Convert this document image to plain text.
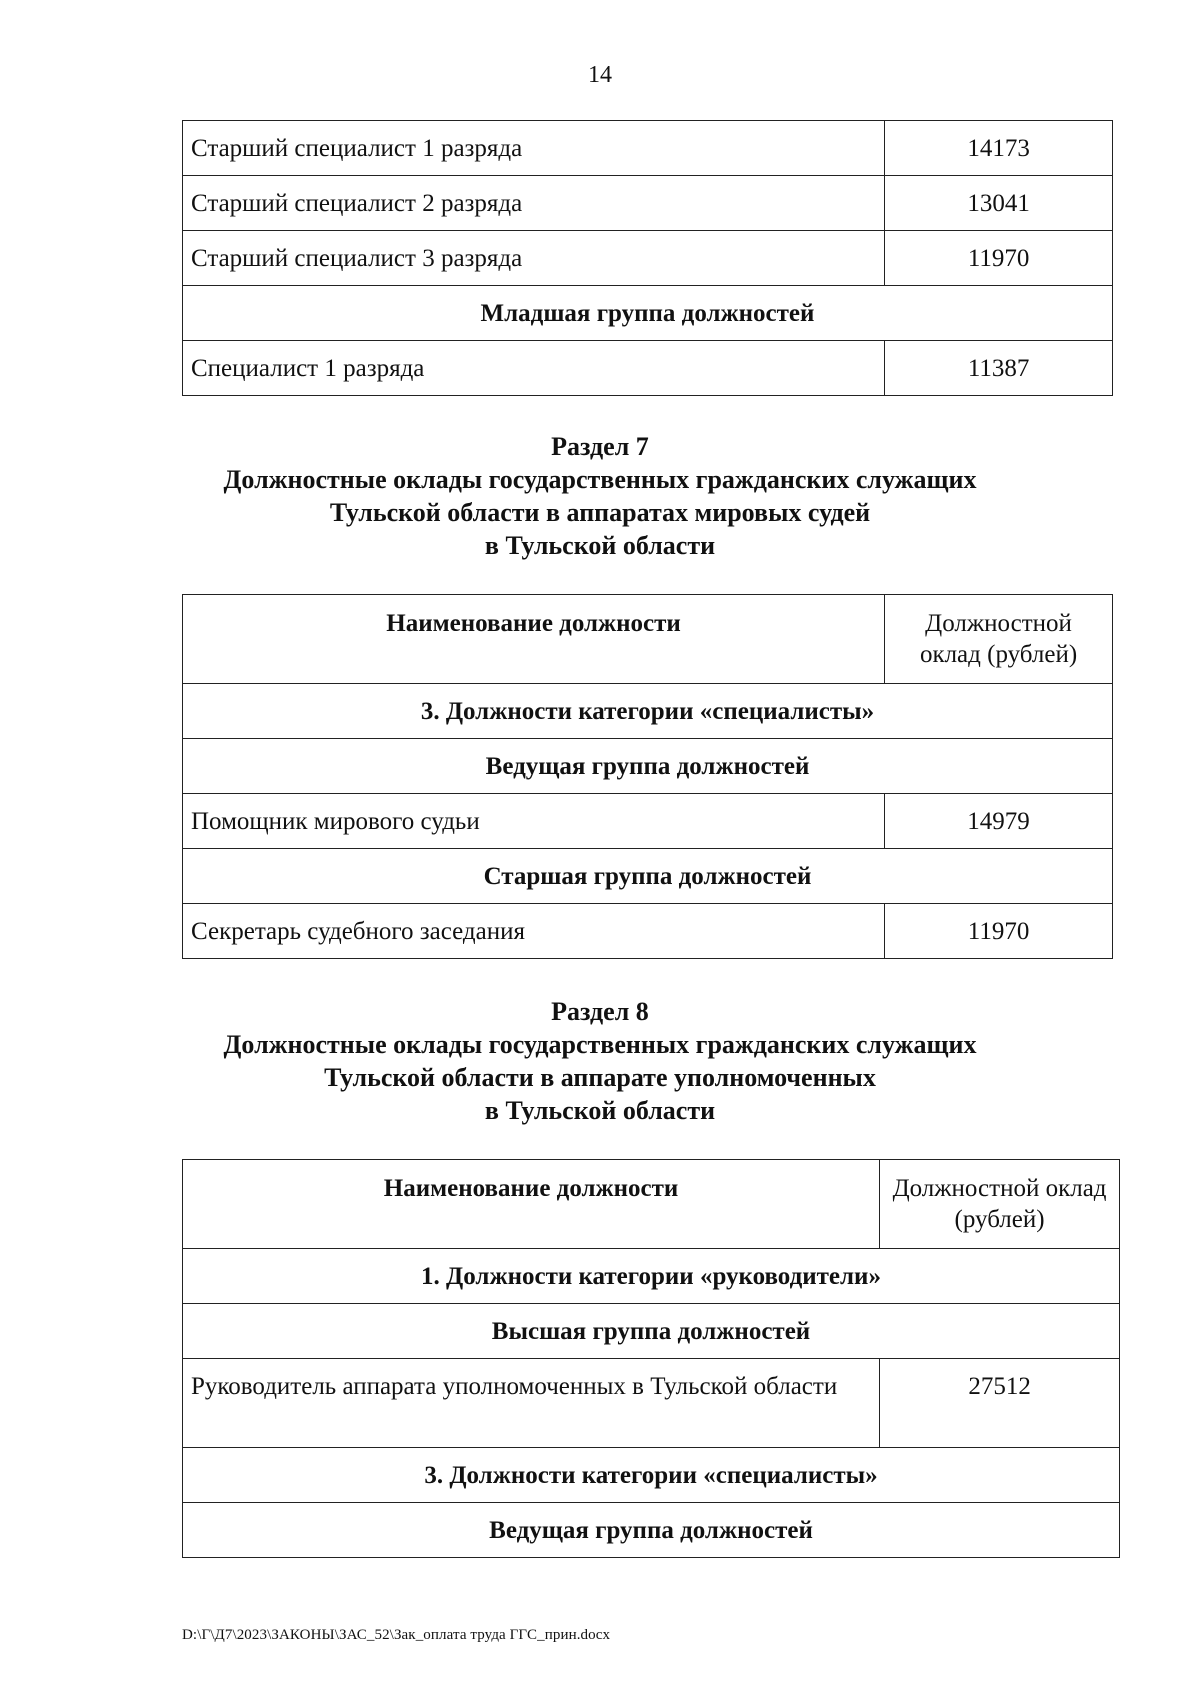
14
Старший специалист 1 разряда	14173
Старший специалист 2 разряда	13041
Старший специалист 3 разряда	11970
Младшая группа должностей	
Специалист 1 разряда	11387
Раздел 7
Должностные оклады государственных гражданских служащих
Тульской области в аппаратах мировых судей
в Тульской области
Наименование должности	Должностной оклад (рублей)
3. Должности категории «специалисты»	
Ведущая группа должностей	
Помощник мирового судьи	14979
Старшая группа должностей	
Секретарь судебного заседания	11970
Раздел 8
Должностные оклады государственных гражданских служащих
Тульской области в аппарате уполномоченных
в Тульской области
Наименование должности	Должностной оклад (рублей)
1. Должности категории «руководители»	
Высшая группа должностей	
Руководитель аппарата уполномоченных в Тульской области	27512
3. Должности категории «специалисты»	
Ведущая группа должностей	
D:\Г\Д7\2023\ЗАКОНЫ\ЗАС_52\Зак_оплата труда ГГС_прин.docx
